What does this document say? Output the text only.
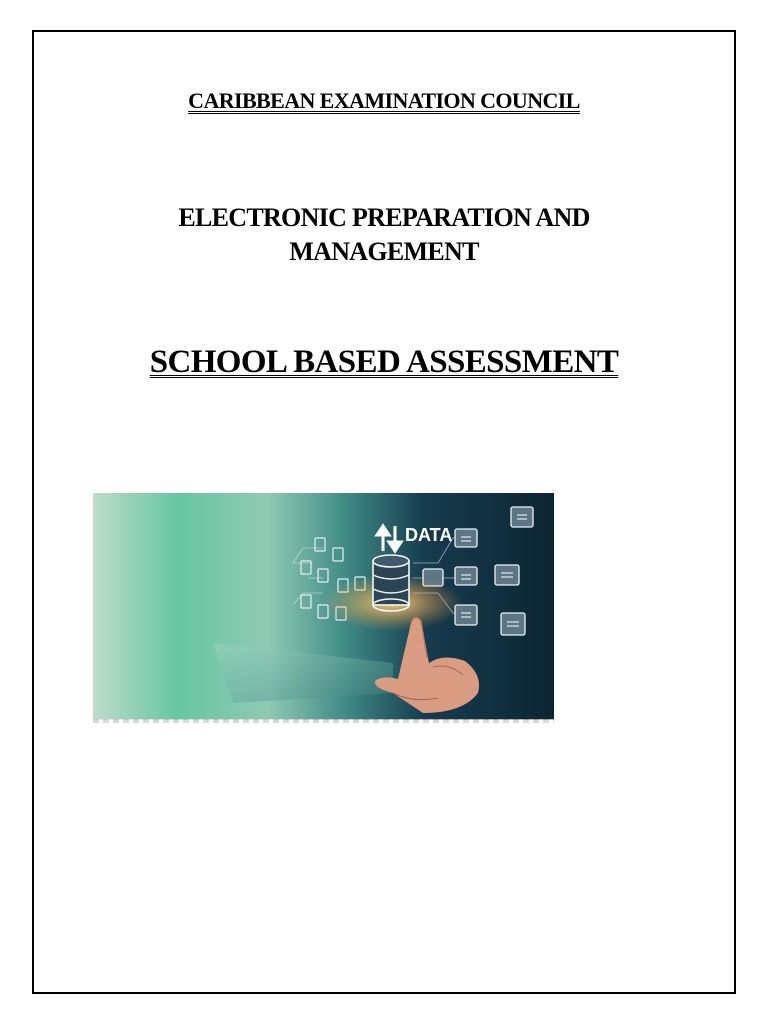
CARIBBEAN EXAMINATION COUNCIL
ELECTRONIC PREPARATION AND MANAGEMENT
SCHOOL BASED ASSESSMENT
DATA
